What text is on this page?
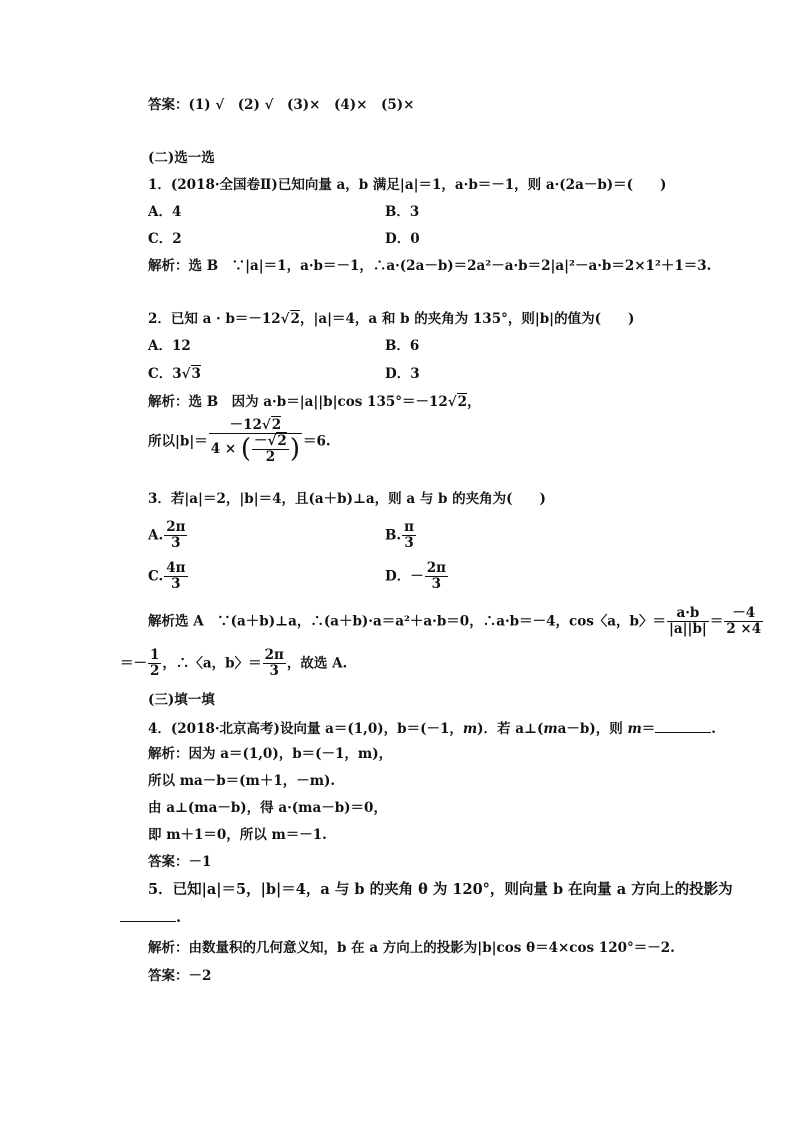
答案：(1) √　(2) √　(3)×　(4)×　(5)×
(二)选一选
1．(2018·全国卷Ⅱ)已知向量 a，b 满足|a|＝1，a·b＝－1，则 a·(2a－b)＝(　　)
A．4	B．3
C．2	D．0
解析：选 B　∵|a|＝1，a·b＝－1，∴a·(2a－b)＝2a²－a·b＝2|a|²－a·b＝2×1²＋1＝3.
2．已知 a · b＝－12√2，|a|＝4，a 和 b 的夹角为 135°，则|b|的值为(　　)
A．12	B．6
C．3√3	D．3
解析：选 B　因为 a·b＝|a||b|cos 135°＝－12√2，
所以$|b|= \frac{-12√2}{4 \times ( \frac{-√2}{2} )} =6$.
3．若|a|＝2，|b|＝4，且(a＋b)⊥a，则 a 与 b 的夹角为(　　)
A. $\frac{2\pi}{3}$	B. $\frac{\pi}{3}$
C. $\frac{4\pi}{3}$	D．－ $\frac{2\pi}{3}$
解析选 A　∵(a＋b)⊥a，∴(a＋b)·a＝a²＋a·b＝0，∴a·b＝－4，cos〈a，b〉＝ $\frac{a\cdot b}{|a||b|} = \frac{-4}{2 \times 4}$
＝－ $\frac{1}{2}$ ，∴〈a，b〉＝ $\frac{2\pi}{3}$ ，故选 A.
(三)填一填
4．(2018·北京高考)设向量 a＝(1,0)，b＝(－1，m)．若 a⊥(ma－b)，则 m＝	.
解析：因为 a＝(1,0)，b＝(－1，m)，
所以 ma－b＝(m＋1，－m).
由 a⊥(ma－b)，得 a·(ma－b)＝0，
即 m＋1＝0，所以 m＝－1.
答案：－1
5．已知|a|＝5，|b|＝4，a 与 b 的夹角 θ 为 120°，则向量 b 在向量 a 方向上的投影为
.
解析：由数量积的几何意义知，b 在 a 方向上的投影为|b|cos θ＝4×cos 120°＝－2.
答案：－2
